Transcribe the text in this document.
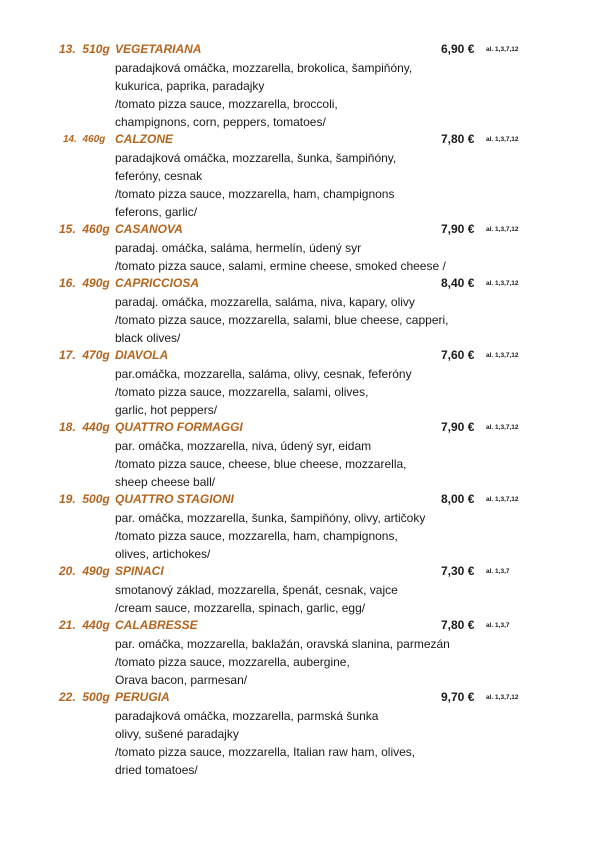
13. 510g VEGETARIANA	6,90 € al. 1,3,7,12
paradajková omáčka, mozzarella, brokolica, šampiňóny,
kukurica, paprika, paradajky
/tomato pizza sauce, mozzarella, broccoli,
champignons, corn, peppers, tomatoes/
14. 460g CALZONE	7,80 € al. 1,3,7,12
paradajková omáčka, mozzarella, šunka, šampiňóny,
feferóny, cesnak
/tomato pizza sauce, mozzarella, ham, champignons
feferons, garlic/
15. 460g CASANOVA	7,90 € al. 1,3,7,12
paradaj. omáčka, saláma, hermelín, údený syr
/tomato pizza sauce, salami, ermine cheese, smoked cheese /
16. 490g CAPRICCIOSA	8,40 € al. 1,3,7,12
paradaj. omáčka, mozzarella, saláma, niva, kapary, olivy
/tomato pizza sauce, mozzarella, salami, blue cheese, capperi,
black olives/
17. 470g DIAVOLA	7,60 € al. 1,3,7,12
par.omáčka, mozzarella, saláma, olivy, cesnak, feferóny
/tomato pizza sauce, mozzarella, salami, olives,
garlic, hot peppers/
18. 440g QUATTRO FORMAGGI	7,90 € al. 1,3,7,12
par. omáčka, mozzarella, niva, údený syr, eidam
/tomato pizza sauce, cheese, blue cheese, mozzarella,
sheep cheese ball/
19. 500g QUATTRO STAGIONI	8,00 € al. 1,3,7,12
par. omáčka, mozzarella, šunka, šampiňóny, olivy, artičoky
/tomato pizza sauce, mozzarella, ham, champignons,
olives, artichokes/
20. 490g SPINACI	7,30 € al. 1,3,7
smotanový základ, mozzarella, špenát, cesnak, vajce
/cream sauce, mozzarella, spinach, garlic, egg/
21. 440g CALABRESSE	7,80 € al. 1,3,7
par. omáčka, mozzarella, baklažán, oravská slanina, parmezán
/tomato pizza sauce, mozzarella, aubergine,
Orava bacon, parmesan/
22. 500g PERUGIA	9,70 € al. 1,3,7,12
paradajková omáčka, mozzarella, parmská šunka
olivy, sušené paradajky
/tomato pizza sauce, mozzarella, Italian raw ham, olives,
dried tomatoes/
